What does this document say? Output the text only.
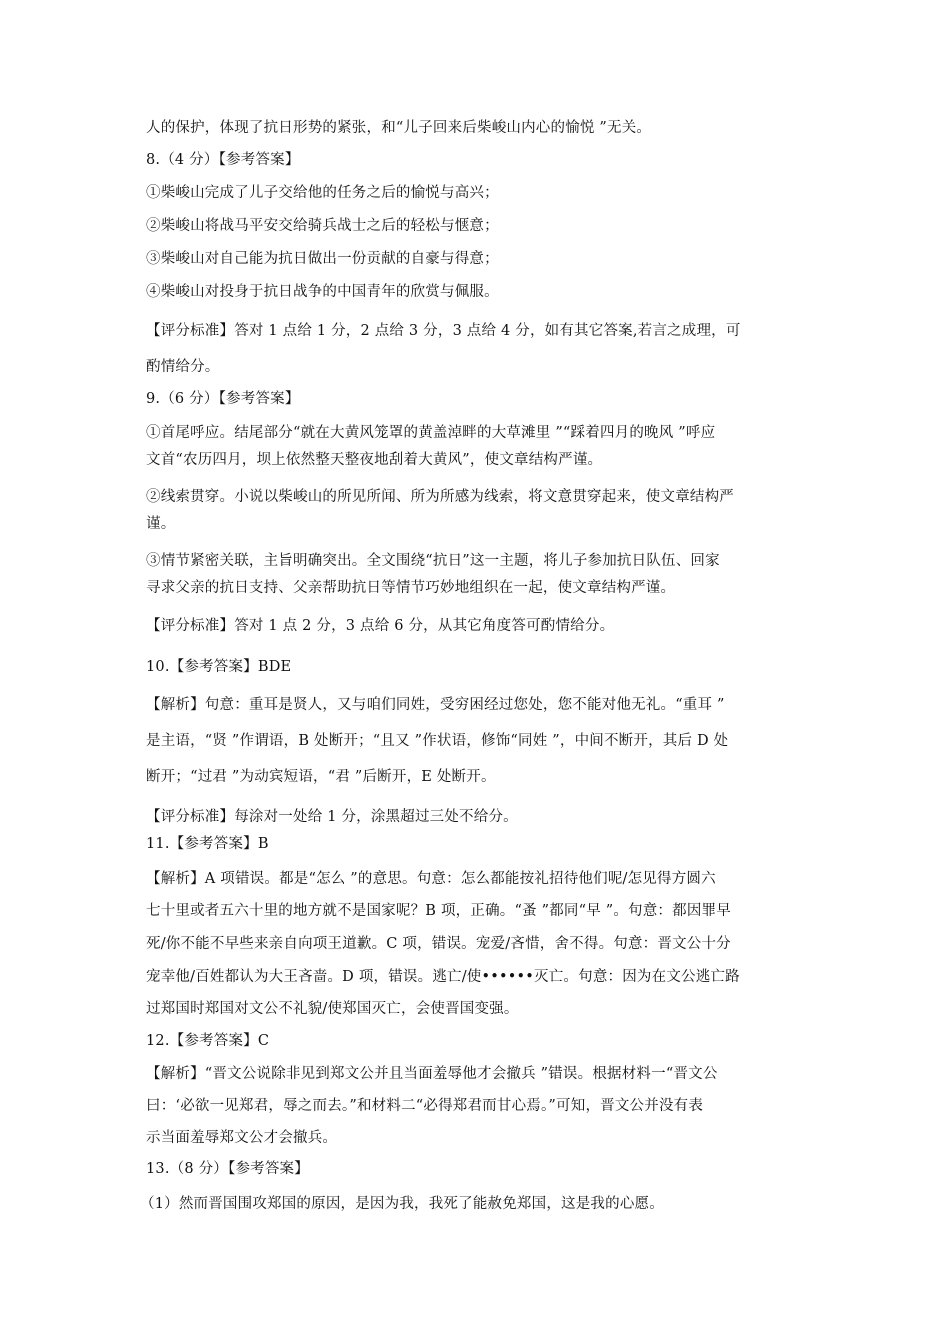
人的保护，体现了抗日形势的紧张，和“儿子回来后柴峻山内心的愉悦 ”无关。
8.（4 分）【参考答案】
①柴峻山完成了儿子交给他的任务之后的愉悦与高兴；
②柴峻山将战马平安交给骑兵战士之后的轻松与惬意；
③柴峻山对自己能为抗日做出一份贡献的自豪与得意；
④柴峻山对投身于抗日战争的中国青年的欣赏与佩服。
【评分标准】答对 1 点给 1 分，2 点给 3 分，3 点给 4 分，如有其它答案,若言之成理，可
酌情给分。
9.（6 分）【参考答案】
①首尾呼应。结尾部分“就在大黄风笼罩的黄盖淖畔的大草滩里 ”“踩着四月的晚风 ”呼应
文首“农历四月，坝上依然整天整夜地刮着大黄风”，使文章结构严谨。
②线索贯穿。小说以柴峻山的所见所闻、所为所感为线索，将文意贯穿起来，使文章结构严
谨。
③情节紧密关联，主旨明确突出。全文围绕“抗日”这一主题，将儿子参加抗日队伍、回家
寻求父亲的抗日支持、父亲帮助抗日等情节巧妙地组织在一起，使文章结构严谨。
【评分标准】答对 1 点 2 分，3 点给 6 分，从其它角度答可酌情给分。
10.【参考答案】BDE
【解析】句意：重耳是贤人，又与咱们同姓，受穷困经过您处，您不能对他无礼。“重耳 ”
是主语，“贤 ”作谓语，B 处断开；“且又 ”作状语，修饰“同姓 ”，中间不断开，其后 D 处
断开；“过君 ”为动宾短语，“君 ”后断开，E 处断开。
【评分标准】每涂对一处给 1 分，涂黑超过三处不给分。
11.【参考答案】B
【解析】A 项错误。都是“怎么 ”的意思。句意：怎么都能按礼招待他们呢/怎见得方圆六
七十里或者五六十里的地方就不是国家呢？B 项，正确。“蚤 ”都同“早 ”。句意：都因罪早
死/你不能不早些来亲自向项王道歉。C 项，错误。宠爱/吝惜，舍不得。句意：晋文公十分
宠幸他/百姓都认为大王吝啬。D 项，错误。逃亡/使••••••灭亡。句意：因为在文公逃亡路
过郑国时郑国对文公不礼貌/使郑国灭亡，会使晋国变强。
12.【参考答案】C
【解析】“晋文公说除非见到郑文公并且当面羞辱他才会撤兵 ”错误。根据材料一“晋文公
曰：‘必欲一见郑君，辱之而去。”和材料二“必得郑君而甘心焉。”可知，晋文公并没有表
示当面羞辱郑文公才会撤兵。
13.（8 分）【参考答案】
（1）然而晋国围攻郑国的原因，是因为我，我死了能赦免郑国，这是我的心愿。
